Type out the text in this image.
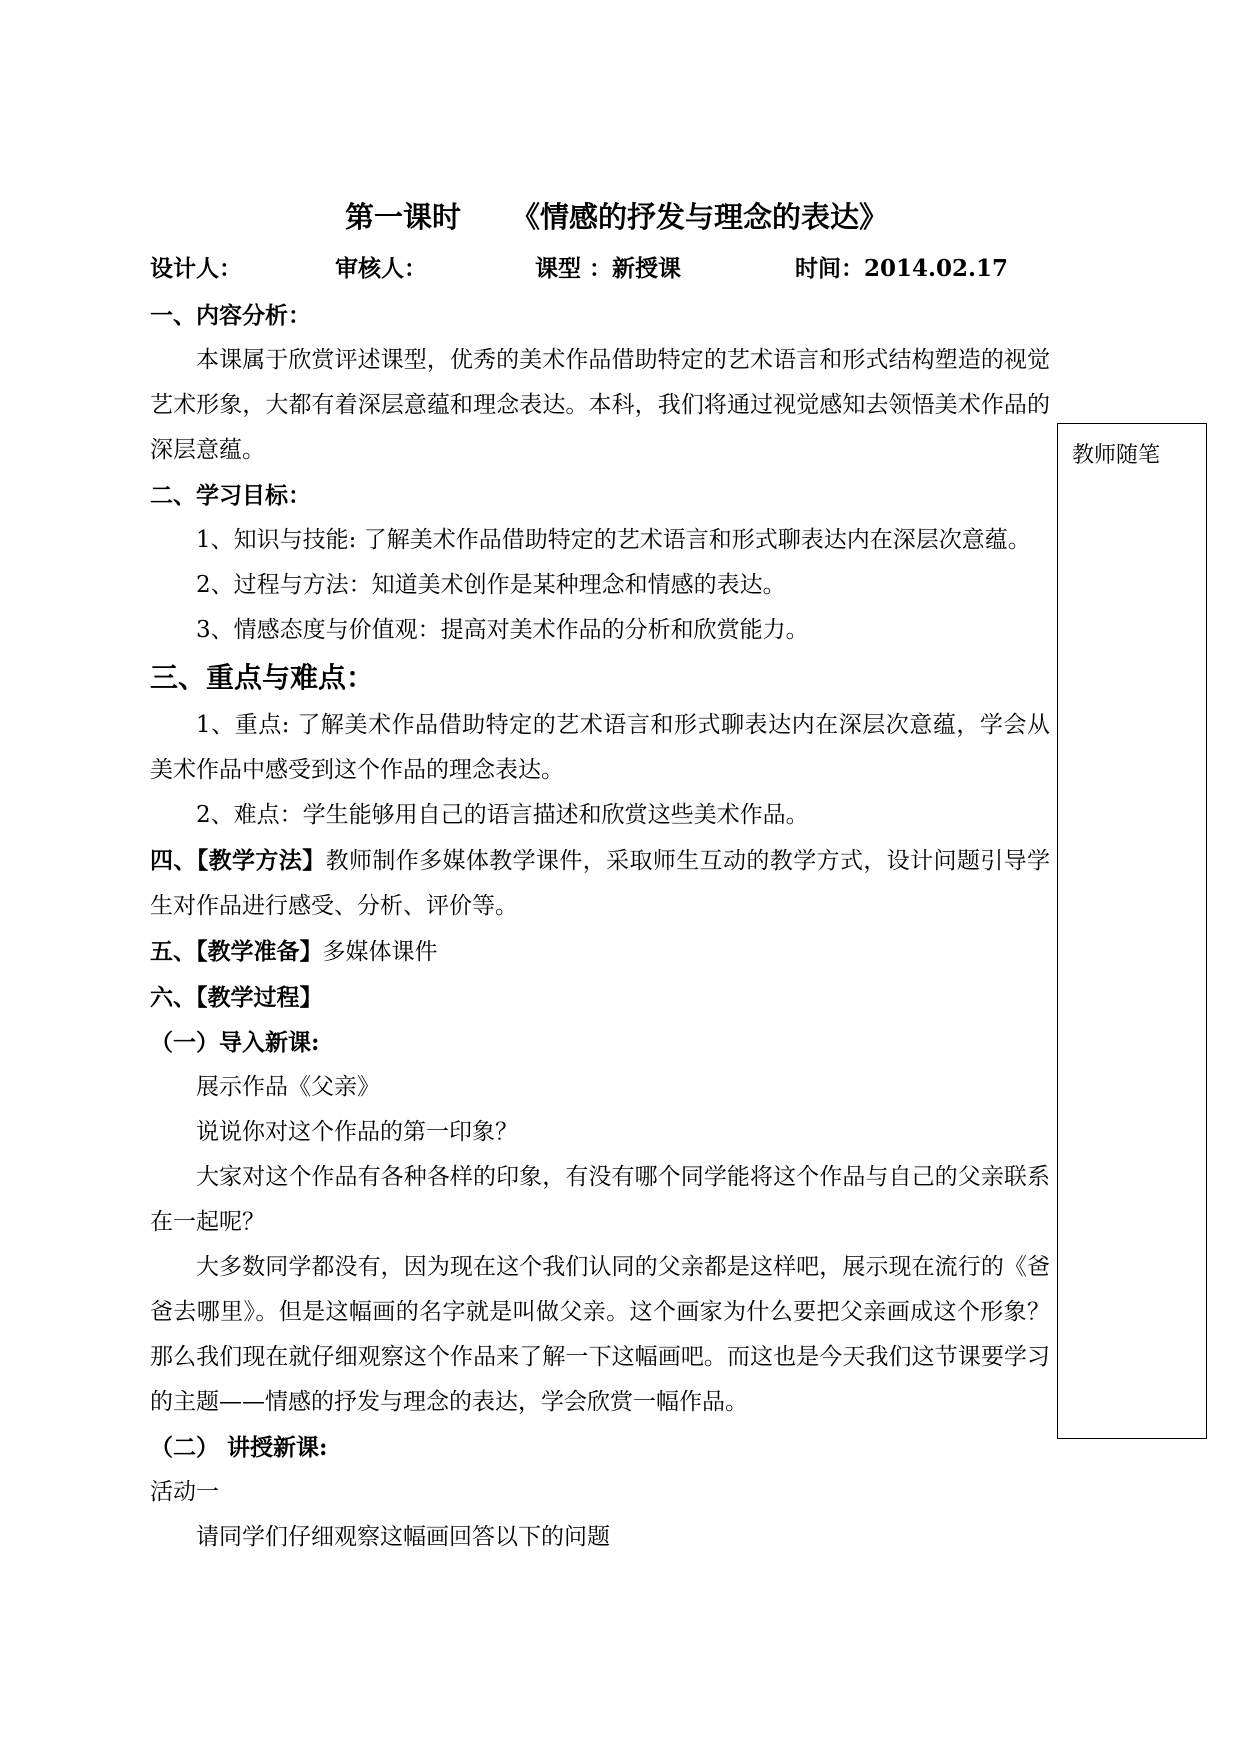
第一课时 《情感的抒发与理念的表达》
设计人：	审核人：	课型 ：新授课	时间：2014.02.17

一、内容分析：

本课属于欣赏评述课型，优秀的美术作品借助特定的艺术语言和形式结构塑造的视觉艺术形象，大都有着深层意蕴和理念表达。本科，我们将通过视觉感知去领悟美术作品的深层意蕴。

二、学习目标：

1、知识与技能: 了解美术作品借助特定的艺术语言和形式聊表达内在深层次意蕴。

2、过程与方法：知道美术创作是某种理念和情感的表达。

3、情感态度与价值观：提高对美术作品的分析和欣赏能力。

三、重点与难点：

1、重点: 了解美术作品借助特定的艺术语言和形式聊表达内在深层次意蕴，学会从美术作品中感受到这个作品的理念表达。

2、难点：学生能够用自己的语言描述和欣赏这些美术作品。

四、【教学方法】教师制作多媒体教学课件，采取师生互动的教学方式，设计问题引导学生对作品进行感受、分析、评价等。

五、【教学准备】多媒体课件

六、【教学过程】

（一）导入新课:

展示作品《父亲》

说说你对这个作品的第一印象？

大家对这个作品有各种各样的印象，有没有哪个同学能将这个作品与自己的父亲联系在一起呢？

大多数同学都没有，因为现在这个我们认同的父亲都是这样吧，展示现在流行的《爸爸去哪里》。但是这幅画的名字就是叫做父亲。这个画家为什么要把父亲画成这个形象？那么我们现在就仔细观察这个作品来了解一下这幅画吧。而这也是今天我们这节课要学习的主题——情感的抒发与理念的表达，学会欣赏一幅作品。

（二） 讲授新课:

活动一

请同学们仔细观察这幅画回答以下的问题

教师随笔
